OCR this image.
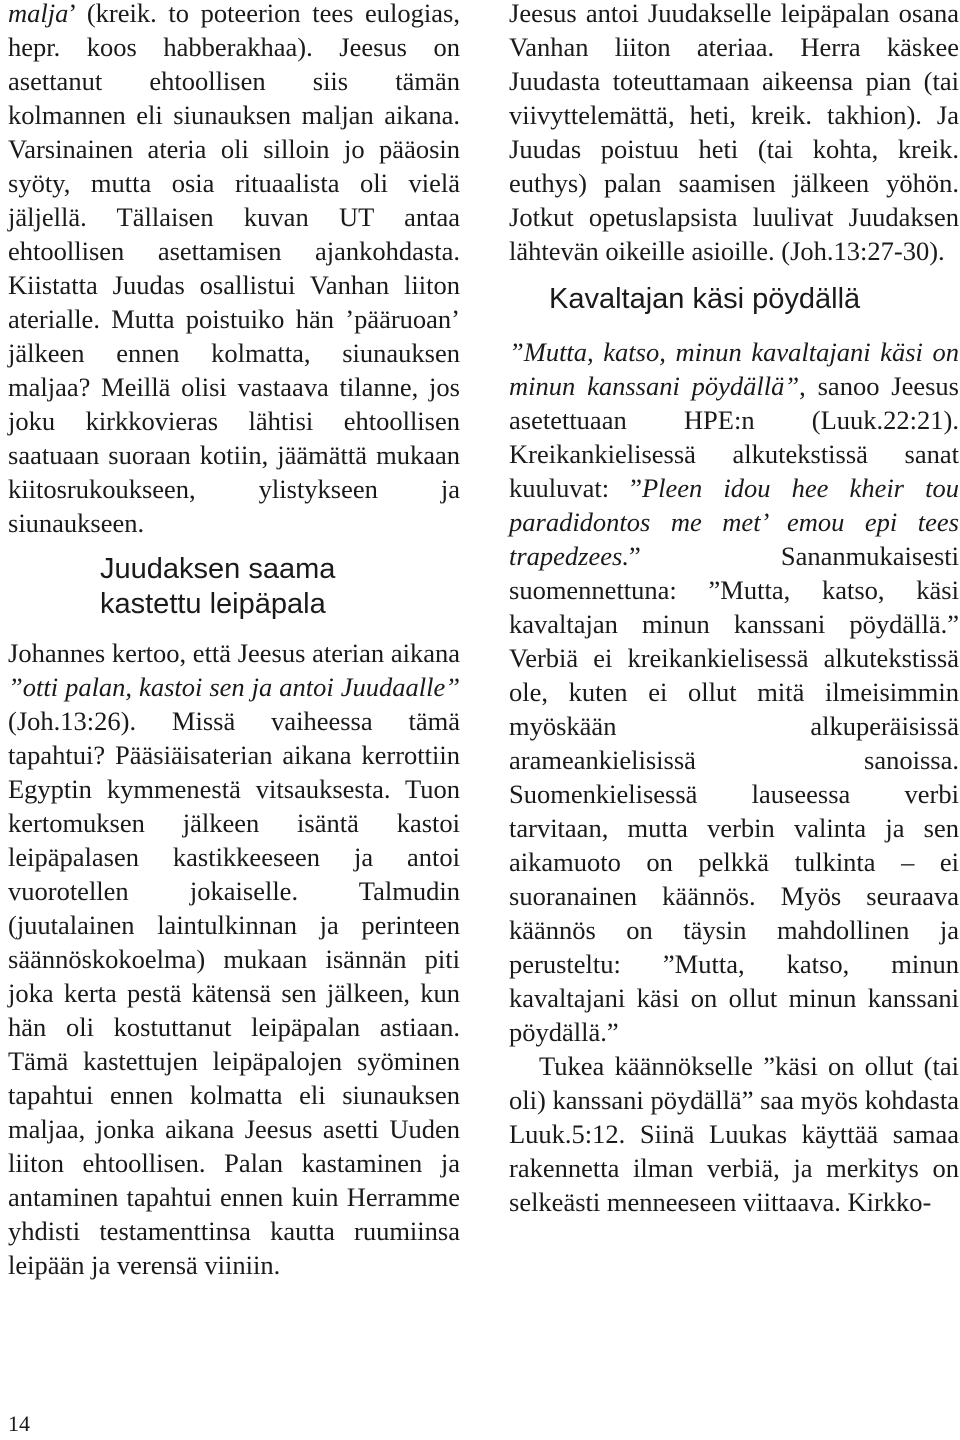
malja’ (kreik. to poteerion tees eulogias, hepr. koos habberakhaa). Jeesus on asettanut ehtoollisen siis tämän kolmannen eli siunauksen maljan aikana. Varsinainen ateria oli silloin jo pääosin syöty, mutta osia rituaalista oli vielä jäljellä. Tällaisen kuvan UT antaa ehtoollisen asettamisen ajankohdasta. Kiistatta Juudas osallistui Vanhan liiton aterialle. Mutta poistuiko hän ’pääruoan’ jälkeen ennen kolmatta, siunauksen maljaa? Meillä olisi vastaava tilanne, jos joku kirkkovieras lähtisi ehtoollisen saatuaan suoraan kotiin, jäämättä mukaan kiitosrukoukseen, ylistykseen ja siunaukseen.

Juudaksen saama
kastettu leipäpala

Johannes kertoo, että Jeesus aterian aikana ”otti palan, kastoi sen ja antoi Juudaalle” (Joh.13:26). Missä vaiheessa tämä tapahtui? Pääsiäisaterian aikana kerrottiin Egyptin kymmenestä vitsauksesta. Tuon kertomuksen jälkeen isäntä kastoi leipäpalasen kastikkeeseen ja antoi vuorotellen jokaiselle. Talmudin (juutalainen laintulkinnan ja perinteen säännöskokoelma) mukaan isännän piti joka kerta pestä kätensä sen jälkeen, kun hän oli kostuttanut leipäpalan astiaan. Tämä kastettujen leipäpalojen syöminen tapahtui ennen kolmatta eli siunauksen maljaa, jonka aikana Jeesus asetti Uuden liiton ehtoollisen. Palan kastaminen ja antaminen tapahtui ennen kuin Herramme yhdisti testamenttinsa kautta ruumiinsa leipään ja verensä viiniin.

Jeesus antoi Juudakselle leipäpalan osana Vanhan liiton ateriaa. Herra käskee Juudasta toteuttamaan aikeensa pian (tai viivyttelemättä, heti, kreik. takhion). Ja Juudas poistuu heti (tai kohta, kreik. euthys) palan saamisen jälkeen yöhön. Jotkut opetuslapsista luulivat Juudaksen lähtevän oikeille asioille. (Joh.13:27-30).

Kavaltajan käsi pöydällä

”Mutta, katso, minun kavaltajani käsi on minun kanssani pöydällä”, sanoo Jeesus asetettuaan HPE:n (Luuk.22:21). Kreikankielisessä alkutekstissä sanat kuuluvat: ”Pleen idou hee kheir tou paradidontos me met’ emou epi tees trapedzees.” Sananmukaisesti suomennettuna: ”Mutta, katso, käsi kavaltajan minun kanssani pöydällä.” Verbiä ei kreikankielisessä alkutekstissä ole, kuten ei ollut mitä ilmeisimmin myöskään alkuperäisissä arameankielisissä sanoissa. Suomenkielisessä lauseessa verbi tarvitaan, mutta verbin valinta ja sen aikamuoto on pelkkä tulkinta – ei suoranainen käännös. Myös seuraava käännös on täysin mahdollinen ja perusteltu: ”Mutta, katso, minun kavaltajani käsi on ollut minun kanssani pöydällä.”

Tukea käännökselle ”käsi on ollut (tai oli) kanssani pöydällä” saa myös kohdasta Luuk.5:12. Siinä Luukas käyttää samaa rakennetta ilman verbiä, ja merkitys on selkeästi menneeseen viittaava. Kirkko-

14
